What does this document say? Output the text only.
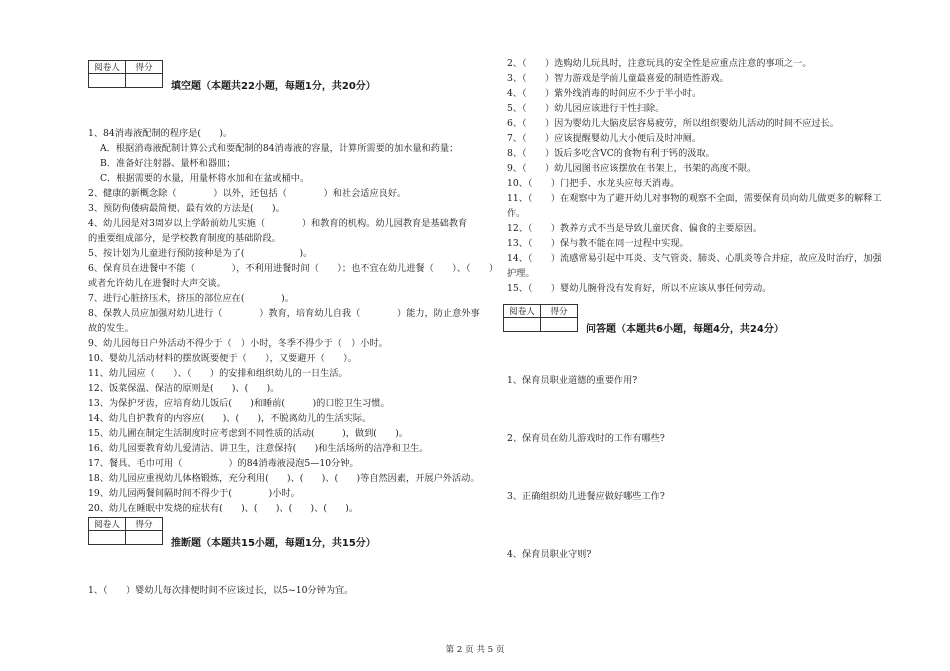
阅卷人	得分

填空题（本题共22小题，每题1分，共20分）
1、84消毒液配制的程序是(　　)。
A．根据消毒液配制计算公式和要配制的84消毒液的容量，计算所需要的加水量和药量；
B．准备好注射器、量杯和器皿；
C．根据需要的水量，用量杯将水加和在盆或桶中。
2、健康的新概念除（　　　　）以外，还包括（　　　　）和社会适应良好。
3、预防佝偻病最简便、最有效的方法是(　　)。
4、幼儿园是对3周岁以上学龄前幼儿实施（　　　　）和教育的机构。幼儿园教育是基础教育
的重要组成部分，是学校教育制度的基础阶段。
5、按计划为儿童进行预防接种是为了(　　　　　　)。
6、保育员在进餐中不能（　　　　），不利用进餐时间（　　）；也不宜在幼儿进餐（　　）、（　　）
或者允许幼儿在进餐时大声交谈。
7、进行心脏挤压术，挤压的部位应在(　　　　)。
8、保教人员应加强对幼儿进行（　　　　）教育，培育幼儿自我（　　　　）能力，防止意外事
故的发生。
9、幼儿园每日户外活动不得少于（　）小时，冬季不得少于（　）小时。
10、婴幼儿活动材料的摆放既要便于（　　），又要避开（　　）。
11、幼儿园应（　　）、（　　）的安排和组织幼儿的一日生活。
12、饭菜保温、保洁的原则是(　　)、(　　)。
13、为保护牙齿，应培育幼儿饭后(　　)和睡前(　　　)的口腔卫生习惯。
14、幼儿自护教育的内容应(　　)、(　　)，不脱离幼儿的生活实际。
15、幼儿圃在制定生活制度时应考虑到不同性质的活动(　　　)，做到(　　)。
16、幼儿园要教育幼儿爱清洁、讲卫生，注意保持(　　)和生活场所的洁净和卫生。
17、餐具、毛巾可用（　　　　　）的84消毒液浸泡5—10分钟。
18、幼儿园应重视幼儿体格锻炼，充分利用(　　)、(　　)、(　　)等自然因素，开展户外活动。
19、幼儿园两餐间隔时间不得少于(　　　　)小时。
20、幼儿在睡眠中发烧的症状有(　　)、(　　)、(　　)、(　　)。
阅卷人	得分

推断题（本题共15小题，每题1分，共15分）
1、（　　）婴幼儿每次排便时间不应该过长，以5~10分钟为宜。
2、（　　）选购幼儿玩具时，注意玩具的安全性是应重点注意的事项之一。
3、（　　）智力游戏是学前儿童最喜爱的制造性游戏。
4、（　　）紫外线消毒的时间应不少于半小时。
5、（　　）幼儿园应该进行干性扫除。
6、（　　）因为婴幼儿大脑皮层容易疲劳，所以组织婴幼儿活动的时间不应过长。
7、（　　）应该提醒婴幼儿大小便后及时冲厕。
8、（　　）饭后多吃含VC的食物有利于钙的汲取。
9、（　　）幼儿园图书应该摆放在书架上，书架的高度不限。
10、（　　）门把手、水龙头应每天消毒。
11、（　　）在观察中为了避开幼儿对事物的观察不全面，需要保育员向幼儿做更多的解释工
作。
12、（　　）教养方式不当是导致儿童厌食、偏食的主要原因。
13、（　　）保与教不能在同一过程中实现。
14、（　　）流感常易引起中耳炎、支气管炎、肺炎、心肌炎等合并症，故应及时治疗，加强
护理。
15、（　　）婴幼儿腕骨没有发育好，所以不应该从事任何劳动。
阅卷人	得分

问答题（本题共6小题，每题4分，共24分）
1、保育员职业道德的重要作用?
2、保育员在幼儿游戏时的工作有哪些?
3、正确组织幼儿进餐应做好哪些工作?
4、保育员职业守则?
第 2 页 共 5 页
